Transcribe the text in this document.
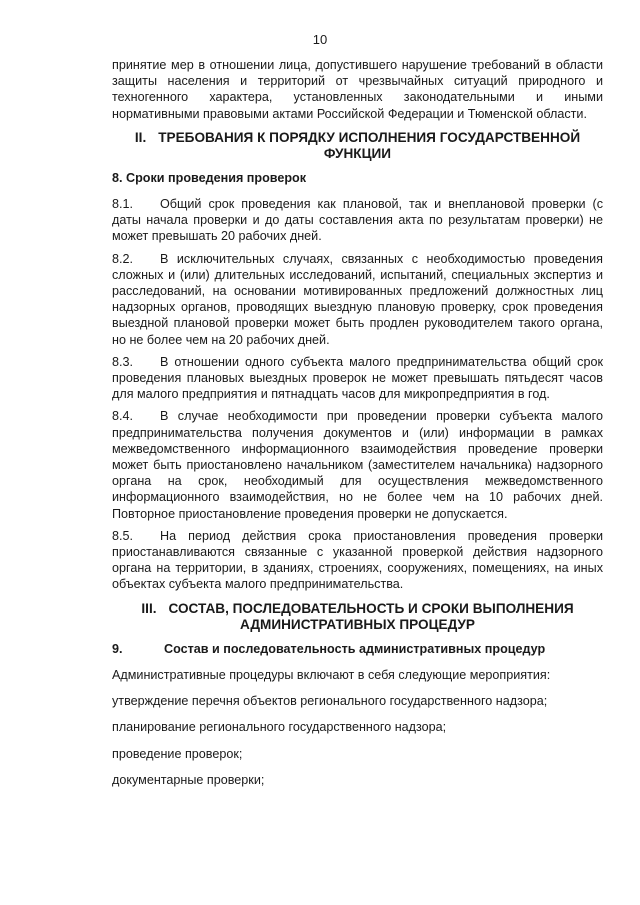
10

принятие мер в отношении лица, допустившего нарушение требований в области защиты населения и территорий от чрезвычайных ситуаций природного и техногенного характера, установленных законодательными и иными нормативными правовыми актами Российской Федерации и Тюменской области.

II. ТРЕБОВАНИЯ К ПОРЯДКУ ИСПОЛНЕНИЯ ГОСУДАРСТВЕННОЙ ФУНКЦИИ
8. Сроки проведения проверок

8.1. Общий срок проведения как плановой, так и внеплановой проверки (с даты начала проверки и до даты составления акта по результатам проверки) не может превышать 20 рабочих дней.

8.2. В исключительных случаях, связанных с необходимостью проведения сложных и (или) длительных исследований, испытаний, специальных экспертиз и расследований, на основании мотивированных предложений должностных лиц надзорных органов, проводящих выездную плановую проверку, срок проведения выездной плановой проверки может быть продлен руководителем такого органа, но не более чем на 20 рабочих дней.

8.3. В отношении одного субъекта малого предпринимательства общий срок проведения плановых выездных проверок не может превышать пятьдесят часов для малого предприятия и пятнадцать часов для микропредприятия в год.

8.4. В случае необходимости при проведении проверки субъекта малого предпринимательства получения документов и (или) информации в рамках межведомственного информационного взаимодействия проведение проверки может быть приостановлено начальником (заместителем начальника) надзорного органа на срок, необходимый для осуществления межведомственного информационного взаимодействия, но не более чем на 10 рабочих дней. Повторное приостановление проведения проверки не допускается.

8.5. На период действия срока приостановления проведения проверки приостанавливаются связанные с указанной проверкой действия надзорного органа на территории, в зданиях, строениях, сооружениях, помещениях, на иных объектах субъекта малого предпринимательства.

III. СОСТАВ, ПОСЛЕДОВАТЕЛЬНОСТЬ И СРОКИ ВЫПОЛНЕНИЯ АДМИНИСТРАТИВНЫХ ПРОЦЕДУР
9.	Состав и последовательность административных процедур
Административные процедуры включают в себя следующие мероприятия:
утверждение перечня объектов регионального государственного надзора;
планирование регионального государственного надзора;
проведение проверок;
документарные проверки;
